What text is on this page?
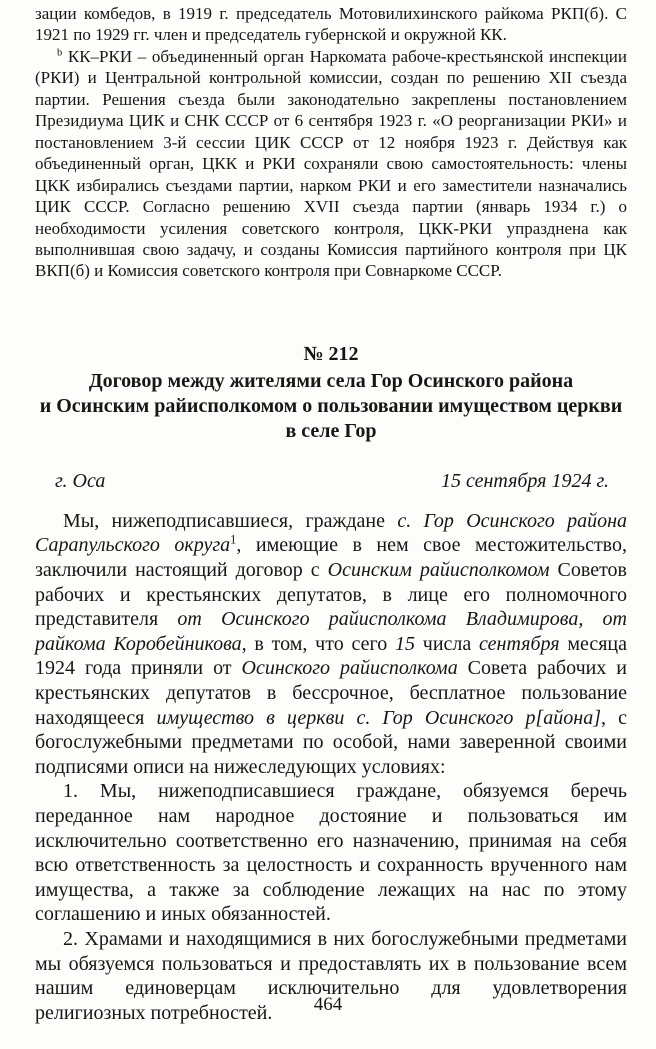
зации комбедов, в 1919 г. председатель Мотовилихинского райкома РКП(б). С 1921 по 1929 гг. член и председатель губернской и окружной КК.

$^b$ КК–РКИ – объединенный орган Наркомата рабоче-крестьянской инспекции (РКИ) и Центральной контрольной комиссии, создан по решению XII съезда партии. Решения съезда были законодательно закреплены постановлением Президиума ЦИК и СНК СССР от 6 сентября 1923 г. «О реорганизации РКИ» и постановлением 3-й сессии ЦИК СССР от 12 ноября 1923 г. Действуя как объединенный орган, ЦКК и РКИ сохраняли свою самостоятельность: члены ЦКК избирались съездами партии, нарком РКИ и его заместители назначались ЦИК СССР. Согласно решению XVII съезда партии (январь 1934 г.) о необходимости усиления советского контроля, ЦКК-РКИ упразднена как выполнившая свою задачу, и созданы Комиссия партийного контроля при ЦК ВКП(б) и Комиссия советского контроля при Совнаркоме СССР.

№ 212
Договор между жителями села Гор Осинского района
и Осинским райисполкомом о пользовании имуществом церкви
в селе Гор
г. Оса	15 сентября 1924 г.

Мы, нижеподписавшиеся, граждане с. Гор Осинского района Сарапульского округа$^1$, имеющие в нем свое местожительство, заключили настоящий договор с Осинским райисполкомом Советов рабочих и крестьянских депутатов, в лице его полномочного представителя от Осинского райисполкома Владимирова, от райкома Коробейникова, в том, что сего 15 числа сентября месяца 1924 года приняли от Осинского райисполкома Совета рабочих и крестьянских депутатов в бессрочное, бесплатное пользование находящееся имущество в церкви с. Гор Осинского р[айона], с богослужебными предметами по особой, нами заверенной своими подписями описи на нижеследующих условиях:

1. Мы, нижеподписавшиеся граждане, обязуемся беречь переданное нам народное достояние и пользоваться им исключительно соответственно его назначению, принимая на себя всю ответственность за целостность и сохранность врученного нам имущества, а также за соблюдение лежащих на нас по этому соглашению и иных обязанностей.

2. Храмами и находящимися в них богослужебными предметами мы обязуемся пользоваться и предоставлять их в пользование всем нашим единоверцам исключительно для удовлетворения религиозных потребностей.	464
